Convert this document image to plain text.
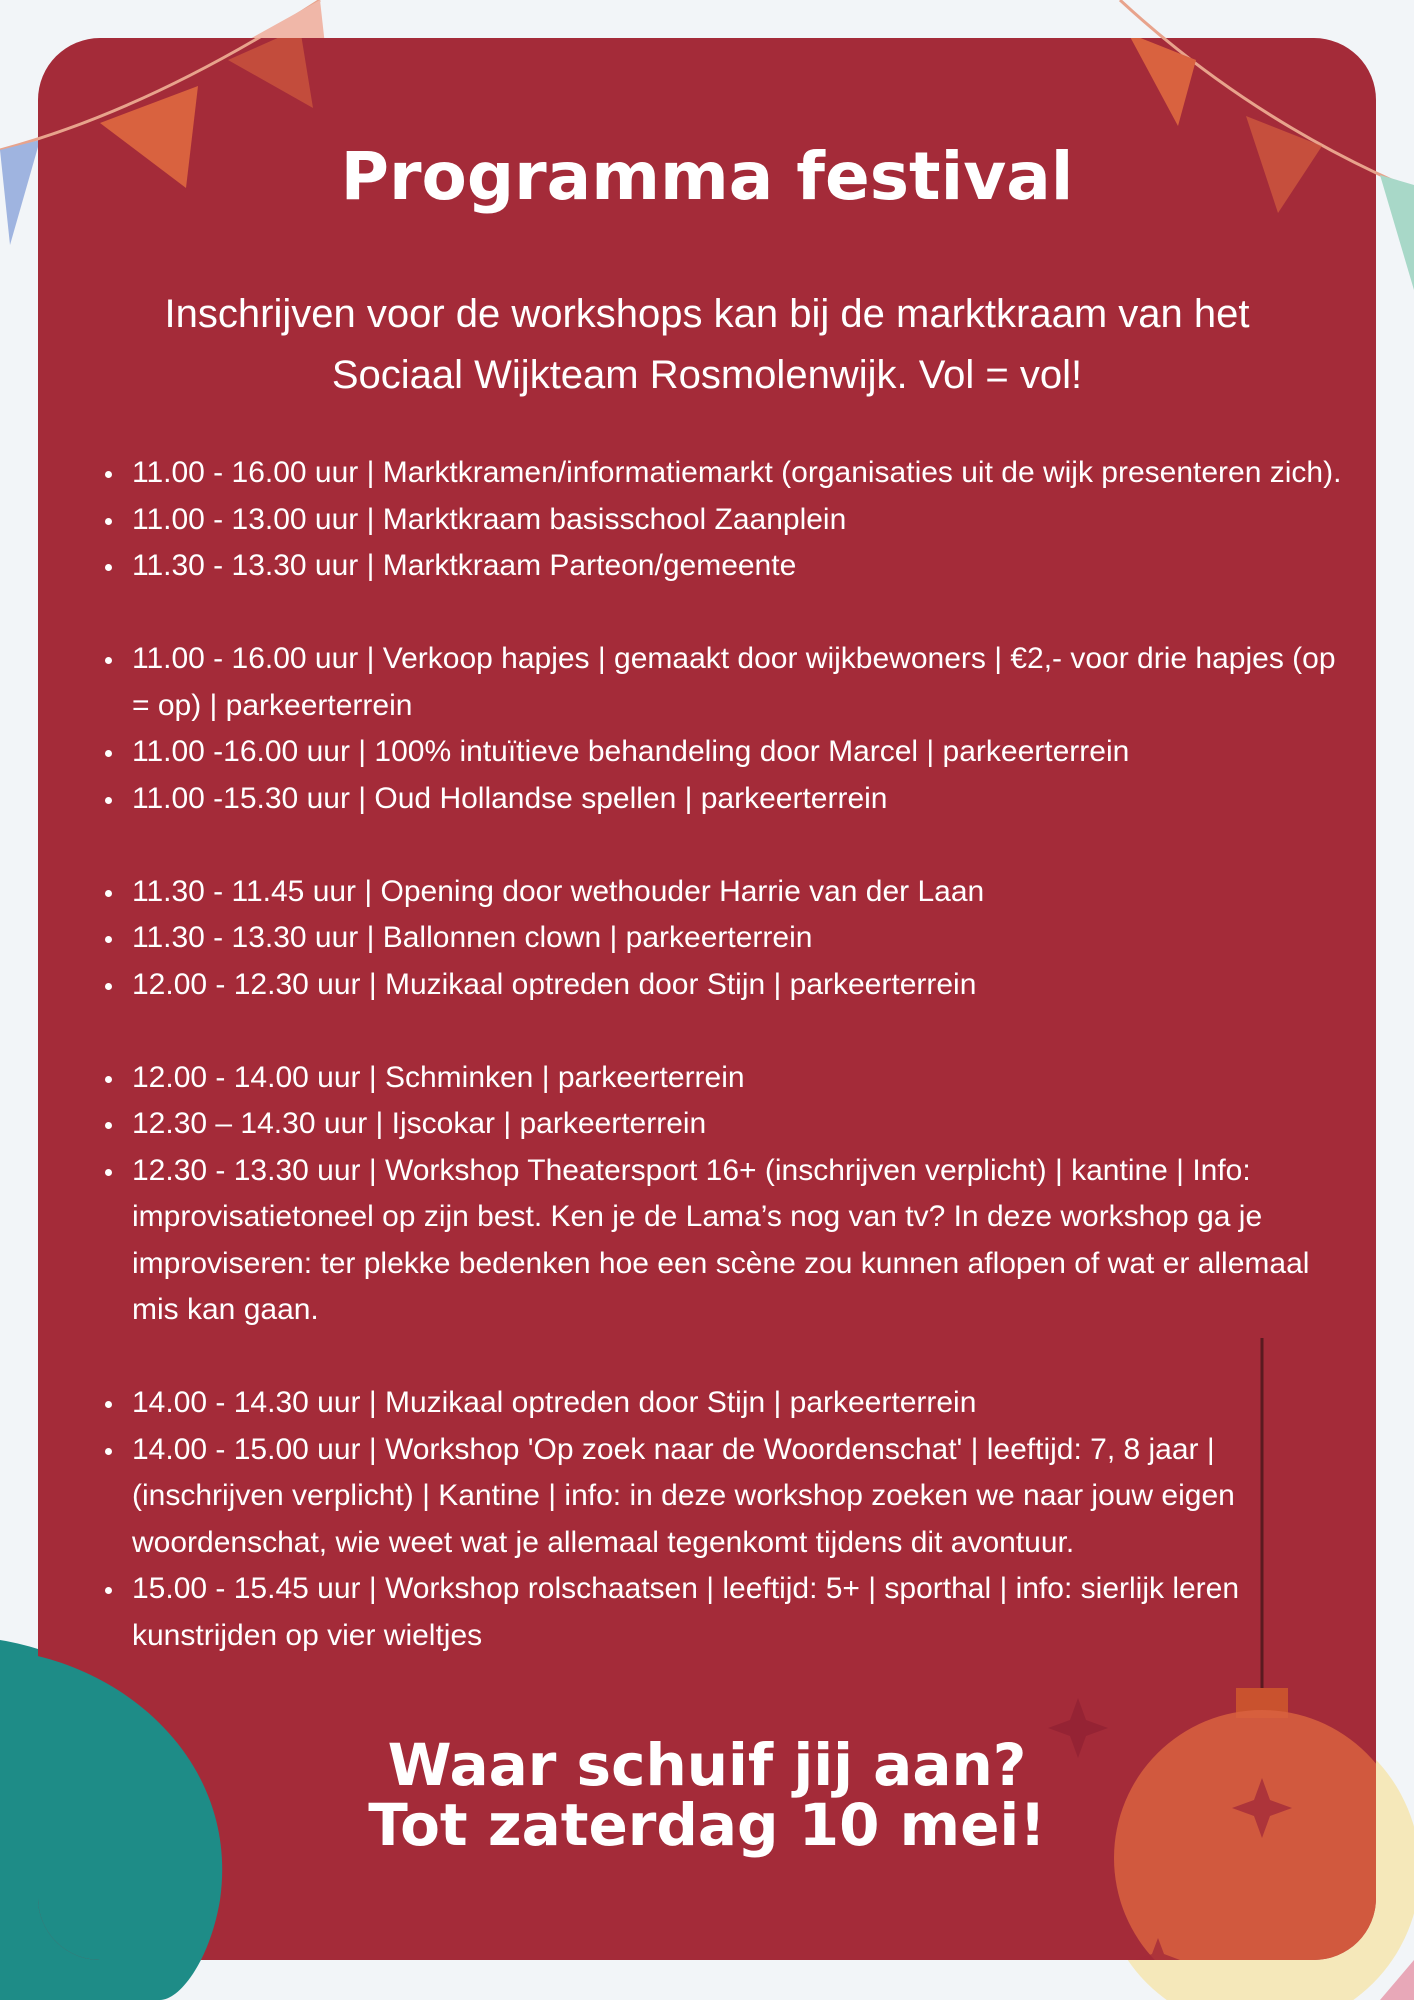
Programma festival

Inschrijven voor de workshops kan bij de marktkraam van het Sociaal Wijkteam Rosmolenwijk. Vol = vol!

11.00 - 16.00 uur | Marktkramen/informatiemarkt (organisaties uit de wijk presenteren zich).
11.00 - 13.00 uur | Marktkraam basisschool Zaanplein
11.30 - 13.30 uur | Marktkraam Parteon/gemeente
11.00 - 16.00 uur | Verkoop hapjes | gemaakt door wijkbewoners | €2,- voor drie hapjes (op = op) | parkeerterrein
11.00 -16.00 uur | 100% intuïtieve behandeling door Marcel | parkeerterrein
11.00 -15.30 uur | Oud Hollandse spellen | parkeerterrein
11.30 - 11.45 uur | Opening door wethouder Harrie van der Laan
11.30 - 13.30 uur | Ballonnen clown | parkeerterrein
12.00 - 12.30 uur | Muzikaal optreden door Stijn | parkeerterrein
12.00 - 14.00 uur | Schminken | parkeerterrein
12.30 – 14.30 uur | Ijscokar | parkeerterrein
12.30 - 13.30 uur | Workshop Theatersport 16+ (inschrijven verplicht) | kantine | Info: improvisatietoneel op zijn best. Ken je de Lama’s nog van tv? In deze workshop ga je improviseren: ter plekke bedenken hoe een scène zou kunnen aflopen of wat er allemaal mis kan gaan.
14.00 - 14.30 uur | Muzikaal optreden door Stijn | parkeerterrein
14.00 - 15.00 uur | Workshop 'Op zoek naar de Woordenschat' | leeftijd: 7, 8 jaar | (inschrijven verplicht) | Kantine | info: in deze workshop zoeken we naar jouw eigen woordenschat, wie weet wat je allemaal tegenkomt tijdens dit avontuur.
15.00 - 15.45 uur | Workshop rolschaatsen | leeftijd: 5+ | sporthal | info: sierlijk leren kunstrijden op vier wieltjes
Waar schuif jij aan?
Tot zaterdag 10 mei!
